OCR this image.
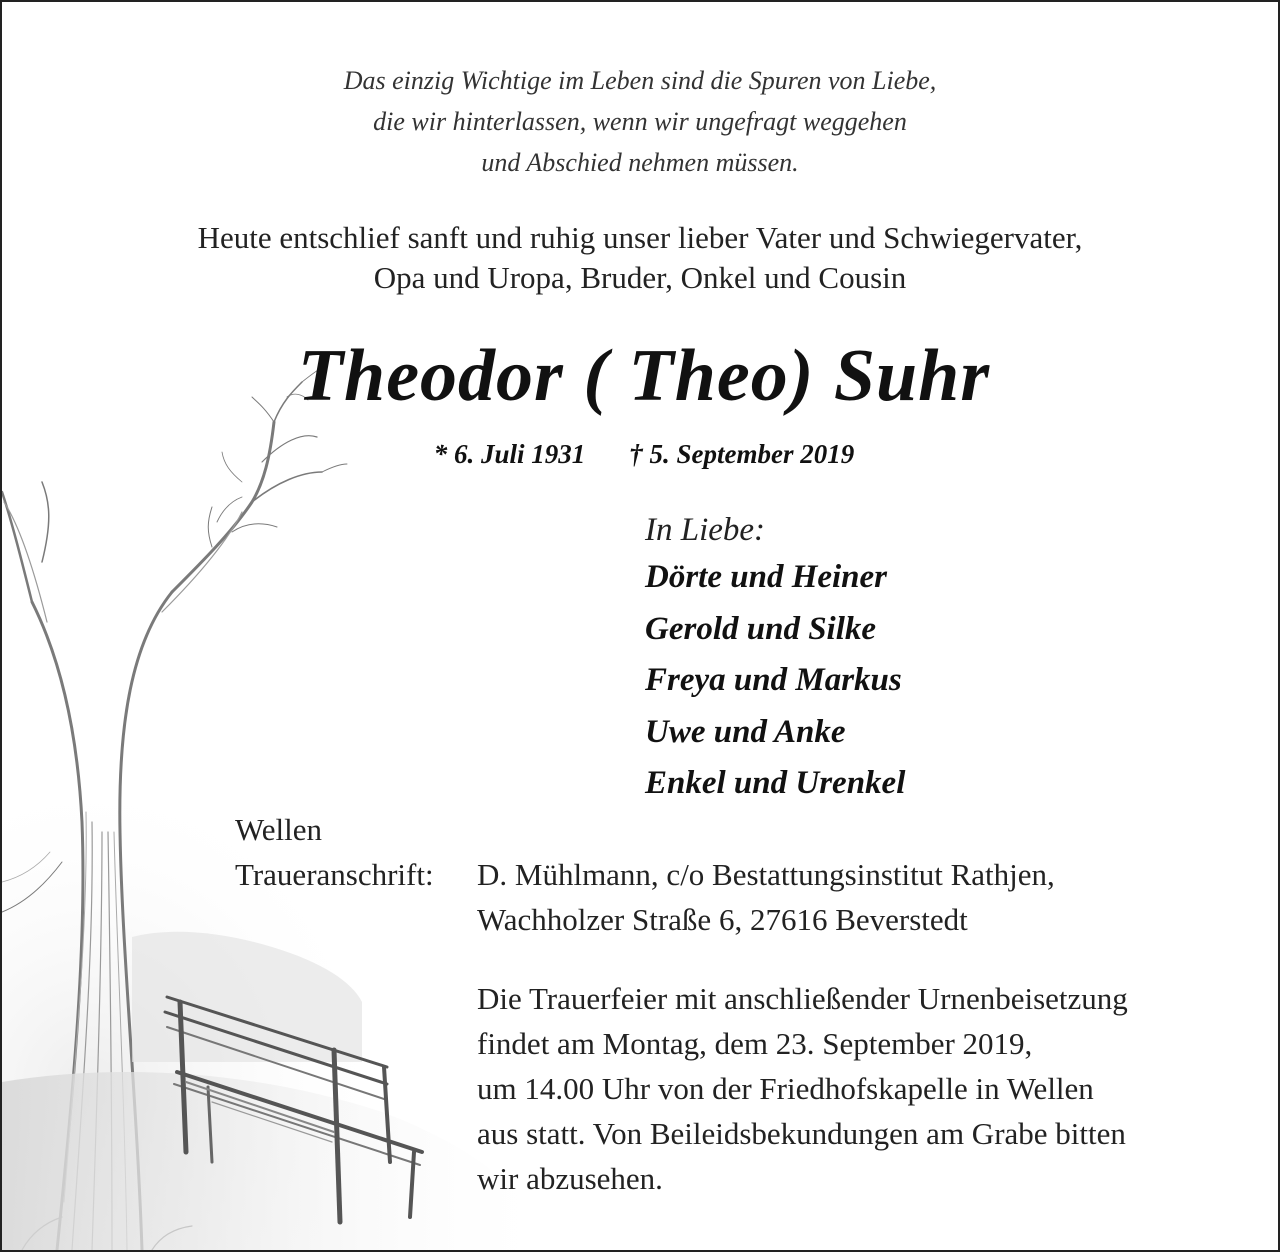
Das einzig Wichtige im Leben sind die Spuren von Liebe,
die wir hinterlassen, wenn wir ungefragt weggehen
und Abschied nehmen müssen.
Heute entschlief sanft und ruhig unser lieber Vater und Schwiegervater,
Opa und Uropa, Bruder, Onkel und Cousin
Theodor ( Theo) Suhr
* 6. Juli 1931 † 5. September 2019
In Liebe:
Dörte und Heiner
Gerold und Silke
Freya und Markus
Uwe und Anke
Enkel und Urenkel
Wellen
Traueranschrift: D. Mühlmann, c/o Bestattungsinstitut Rathjen,
Wachholzer Straße 6, 27616 Beverstedt
Die Trauerfeier mit anschließender Urnenbeisetzung
findet am Montag, dem 23. September 2019,
um 14.00 Uhr von der Friedhofskapelle in Wellen
aus statt. Von Beileidsbekundungen am Grabe bitten
wir abzusehen.
